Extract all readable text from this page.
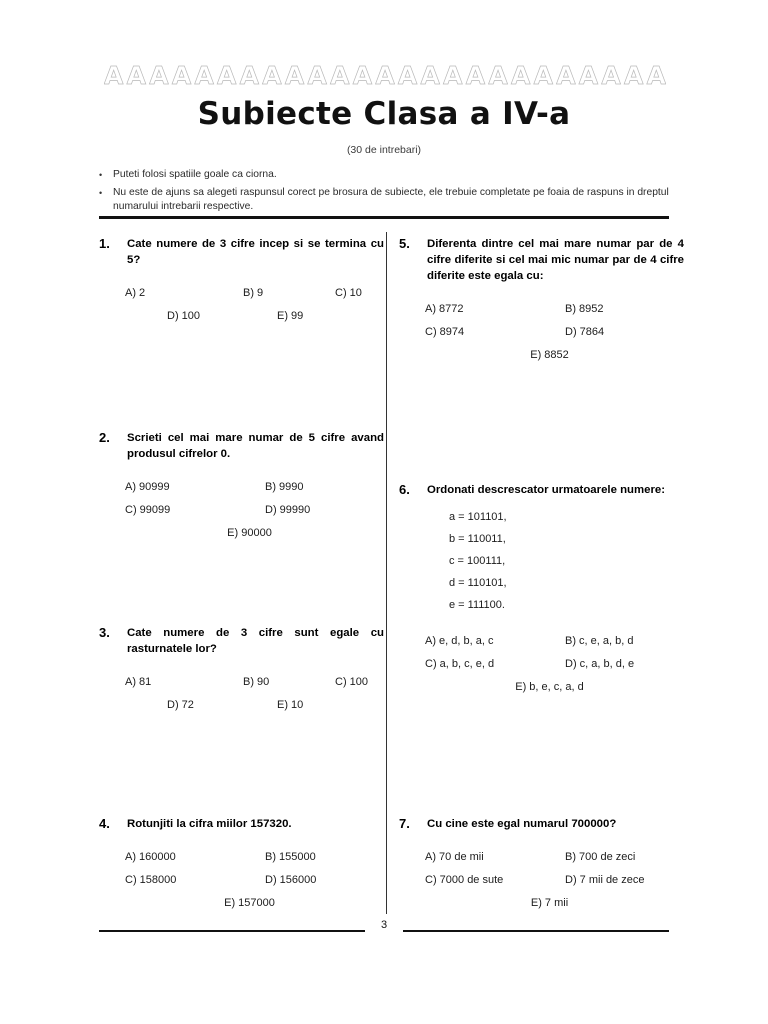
A A A A A A A A A A A A A A A A A A A A A A A A A
Subiecte Clasa a IV-a
(30 de intrebari)
•	Puteti folosi spatiile goale ca ciorna.
•	Nu este de ajuns sa alegeti raspunsul corect pe brosura de subiecte, ele trebuie completate pe foaia de raspuns in dreptul numarului intrebarii respective.
1.	Cate numere de 3 cifre incep si se termina cu 5?
A) 2	B) 9	C) 10
D) 100	E) 99
2.	Scrieti cel mai mare numar de 5 cifre avand produsul cifrelor 0.
A) 90999	B) 9990
C) 99099	D) 99990
E) 90000
3.	Cate numere de 3 cifre sunt egale cu rasturnatele lor?
A) 81	B) 90	C) 100
D) 72	E) 10
4.	Rotunjiti la cifra miilor 157320.
A) 160000	B) 155000
C) 158000	D) 156000
E) 157000
5.	Diferenta dintre cel mai mare numar par de 4 cifre diferite si cel mai mic numar par de 4 cifre diferite este egala cu:
A) 8772	B) 8952
C) 8974	D) 7864
E) 8852
6.	Ordonati descrescator urmatoarele numere:
a = 101101,
b = 110011,
c = 100111,
d = 110101,
e = 111100.
A) e, d, b, a, c	B) c, e, a, b, d
C) a, b, c, e, d	D) c, a, b, d, e
E) b, e, c, a, d
7.	Cu cine este egal numarul 700000?
A) 70 de mii	B) 700 de zeci
C) 7000 de sute	D) 7 mii de zece
E) 7 mii
3
